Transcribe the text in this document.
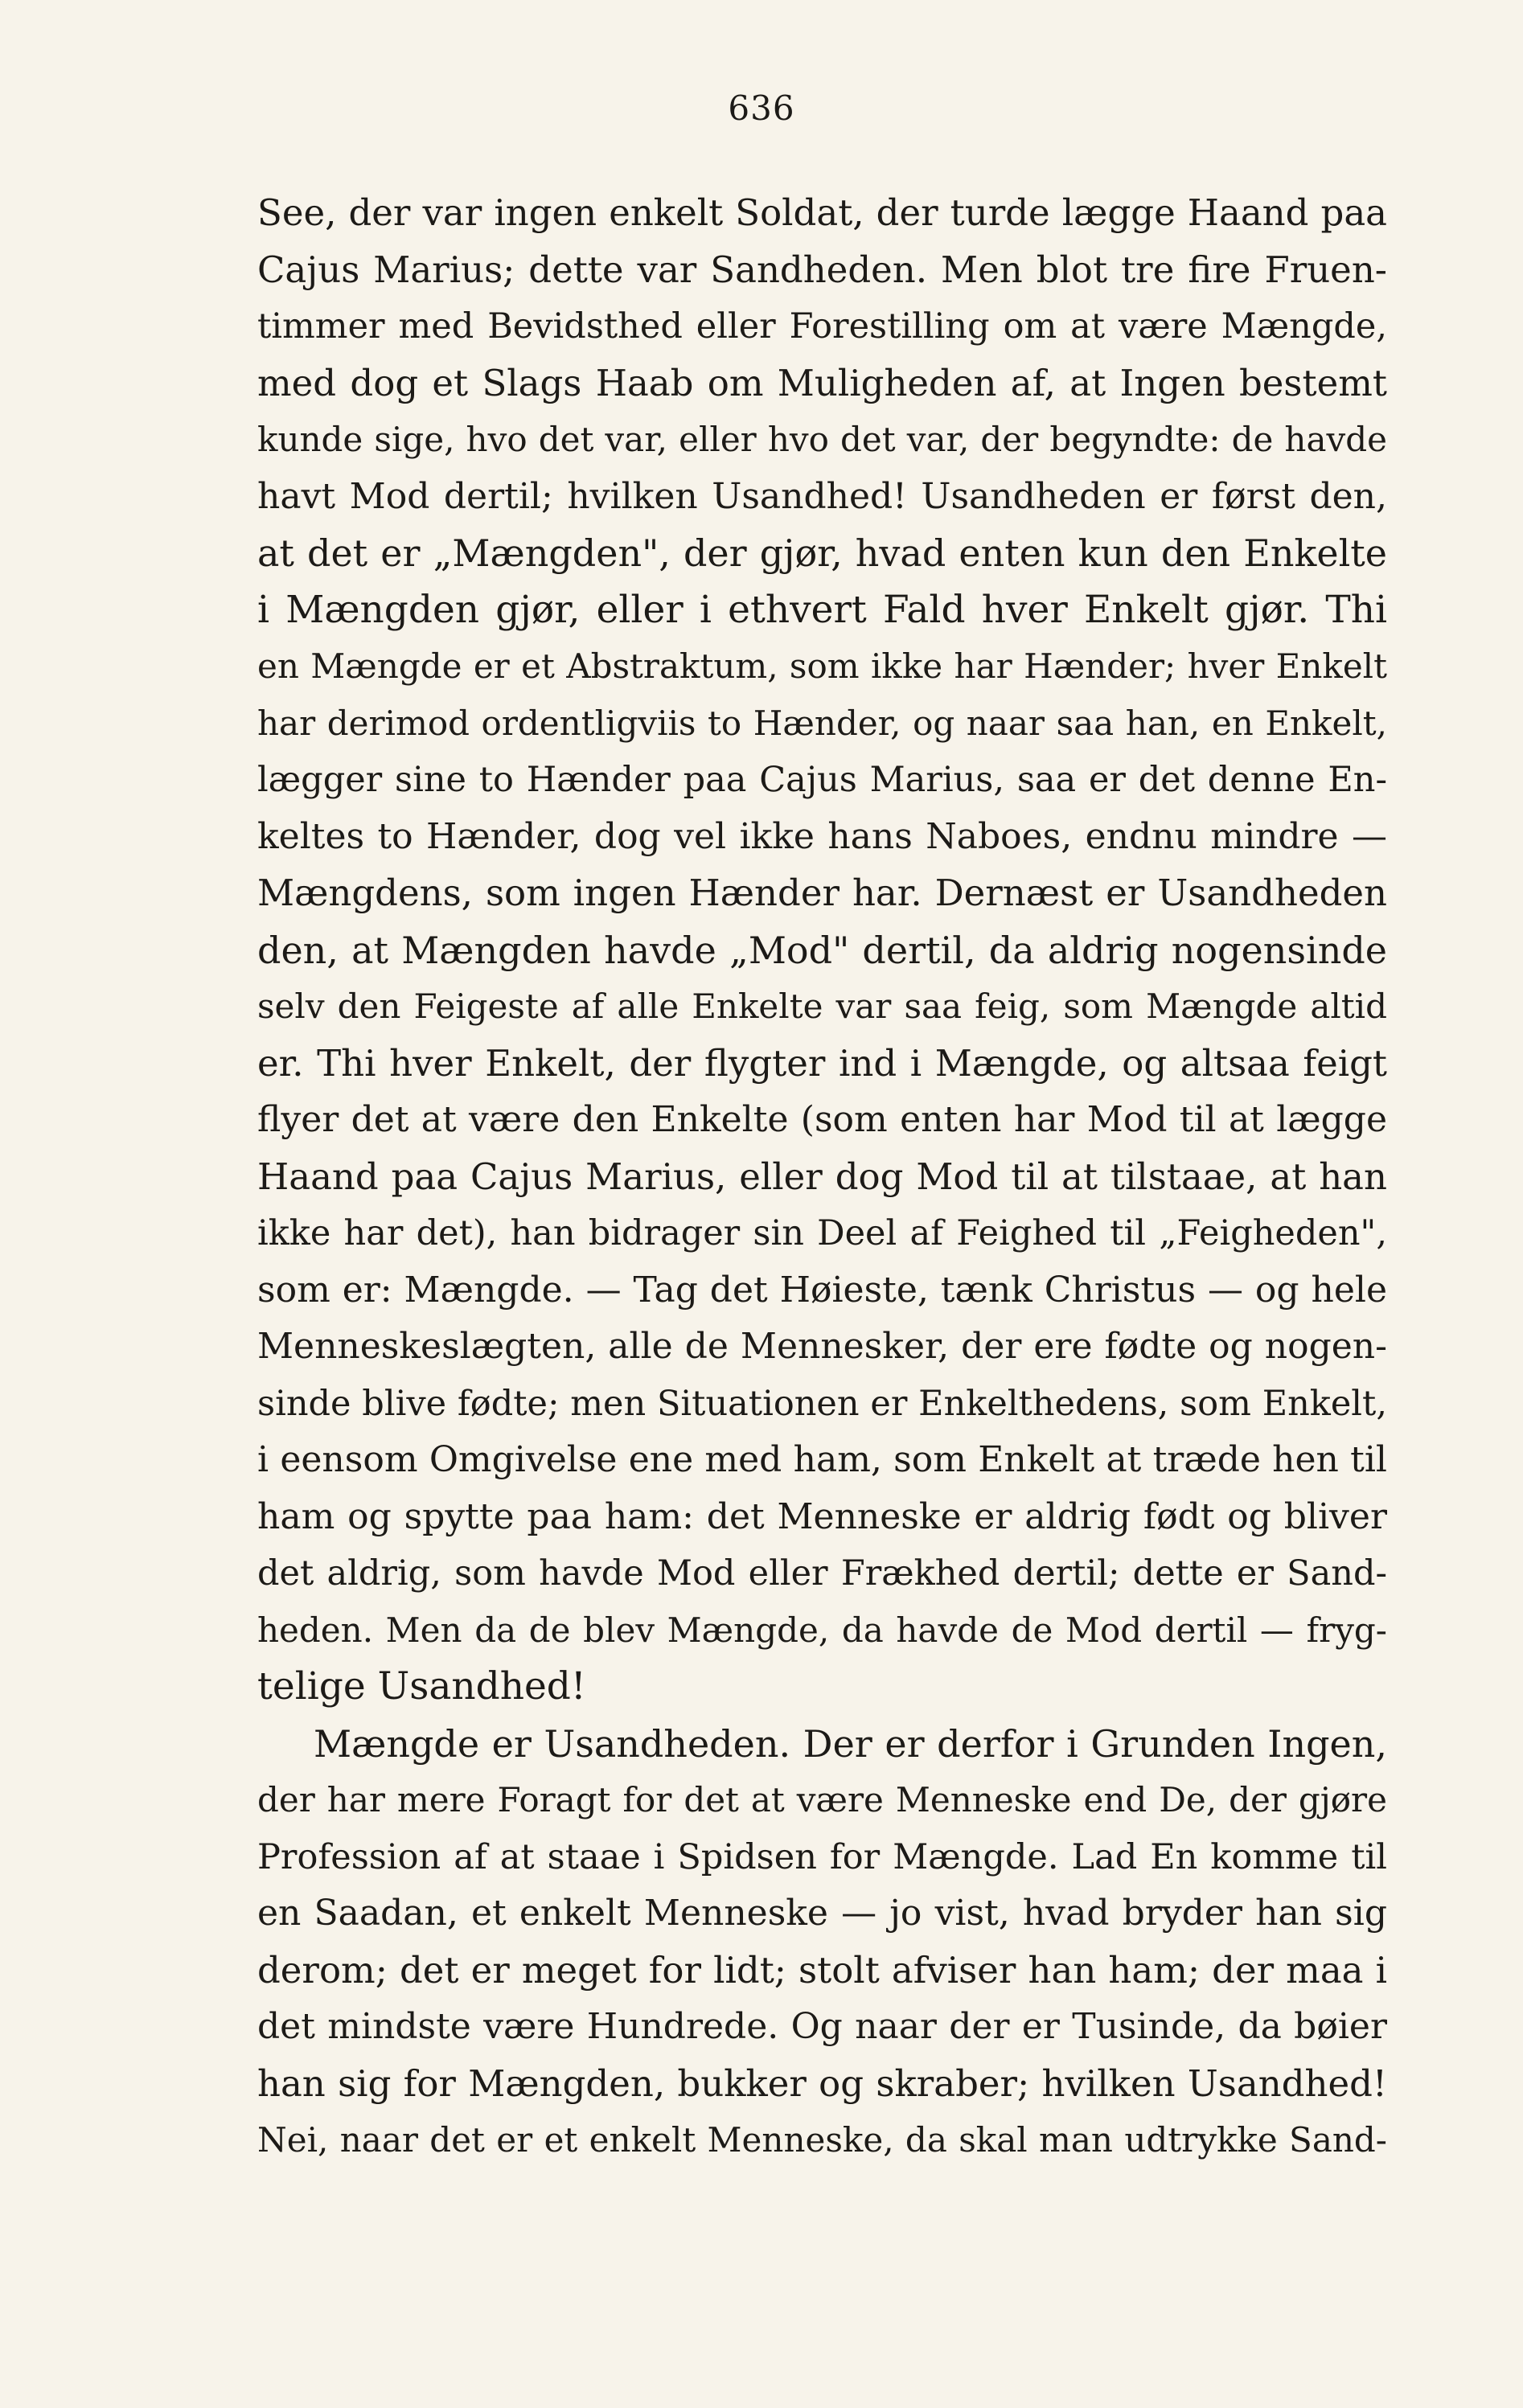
636
See, der var ingen enkelt Soldat, der turde lægge Haand paa
Cajus Marius; dette var Sandheden. Men blot tre fire Fruen-
timmer med Bevidsthed eller Forestilling om at være Mængde,
med dog et Slags Haab om Muligheden af, at Ingen bestemt
kunde sige, hvo det var, eller hvo det var, der begyndte: de havde
havt Mod dertil; hvilken Usandhed! Usandheden er først den,
at det er „Mængden", der gjør, hvad enten kun den Enkelte
i Mængden gjør, eller i ethvert Fald hver Enkelt gjør. Thi
en Mængde er et Abstraktum, som ikke har Hænder; hver Enkelt
har derimod ordentligviis to Hænder, og naar saa han, en Enkelt,
lægger sine to Hænder paa Cajus Marius, saa er det denne En-
keltes to Hænder, dog vel ikke hans Naboes, endnu mindre —
Mængdens, som ingen Hænder har. Dernæst er Usandheden
den, at Mængden havde „Mod" dertil, da aldrig nogensinde
selv den Feigeste af alle Enkelte var saa feig, som Mængde altid
er. Thi hver Enkelt, der flygter ind i Mængde, og altsaa feigt
flyer det at være den Enkelte (som enten har Mod til at lægge
Haand paa Cajus Marius, eller dog Mod til at tilstaae, at han
ikke har det), han bidrager sin Deel af Feighed til „Feigheden",
som er: Mængde. — Tag det Høieste, tænk Christus — og hele
Menneskeslægten, alle de Mennesker, der ere fødte og nogen-
sinde blive fødte; men Situationen er Enkelthedens, som Enkelt,
i eensom Omgivelse ene med ham, som Enkelt at træde hen til
ham og spytte paa ham: det Menneske er aldrig født og bliver
det aldrig, som havde Mod eller Frækhed dertil; dette er Sand-
heden. Men da de blev Mængde, da havde de Mod dertil — fryg-
telige Usandhed!
Mængde er Usandheden. Der er derfor i Grunden Ingen,
der har mere Foragt for det at være Menneske end De, der gjøre
Profession af at staae i Spidsen for Mængde. Lad En komme til
en Saadan, et enkelt Menneske — jo vist, hvad bryder han sig
derom; det er meget for lidt; stolt afviser han ham; der maa i
det mindste være Hundrede. Og naar der er Tusinde, da bøier
han sig for Mængden, bukker og skraber; hvilken Usandhed!
Nei, naar det er et enkelt Menneske, da skal man udtrykke Sand-
